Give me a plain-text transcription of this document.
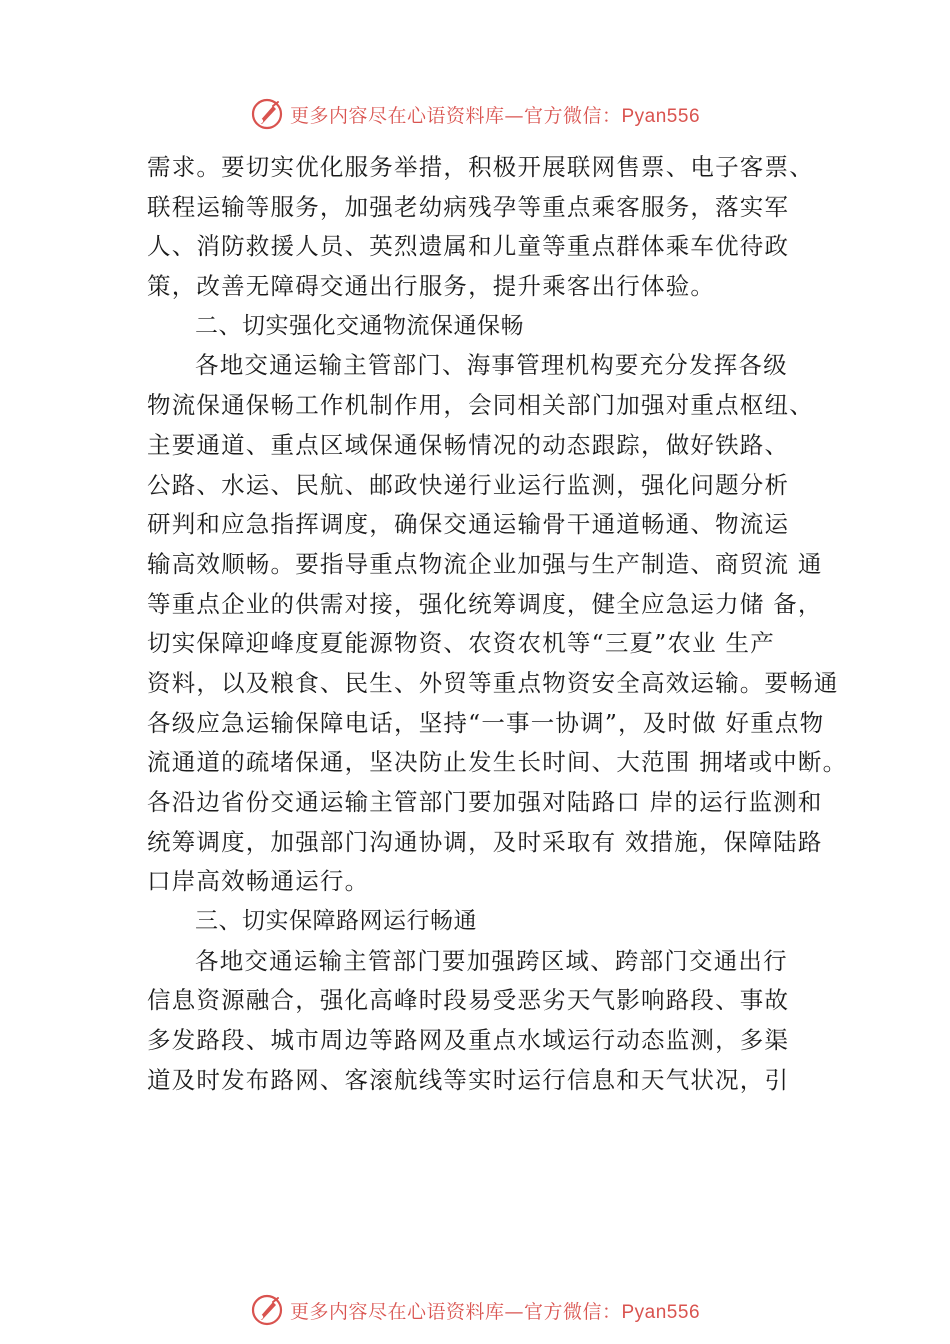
更多内容尽在心语资料库—官方微信：Pyan556
需求。要切实优化服务举措，积极开展联网售票、电子客票、
联程运输等服务，加强老幼病残孕等重点乘客服务，落实军
人、消防救援人员、英烈遗属和儿童等重点群体乘车优待政
策，改善无障碍交通出行服务，提升乘客出行体验。
二、切实强化交通物流保通保畅
各地交通运输主管部门、海事管理机构要充分发挥各级
物流保通保畅工作机制作用，会同相关部门加强对重点枢纽、
主要通道、重点区域保通保畅情况的动态跟踪，做好铁路、
公路、水运、民航、邮政快递行业运行监测，强化问题分析
研判和应急指挥调度，确保交通运输骨干通道畅通、物流运
输高效顺畅。要指导重点物流企业加强与生产制造、商贸流 通
等重点企业的供需对接，强化统筹调度，健全应急运力储 备，
切实保障迎峰度夏能源物资、农资农机等“三夏”农业 生产
资料，以及粮食、民生、外贸等重点物资安全高效运输。要畅通
各级应急运输保障电话，坚持“一事一协调”，及时做 好重点物
流通道的疏堵保通，坚决防止发生长时间、大范围 拥堵或中断。
各沿边省份交通运输主管部门要加强对陆路口 岸的运行监测和
统筹调度，加强部门沟通协调，及时采取有 效措施，保障陆路
口岸高效畅通运行。
三、切实保障路网运行畅通
各地交通运输主管部门要加强跨区域、跨部门交通出行
信息资源融合，强化高峰时段易受恶劣天气影响路段、事故
多发路段、城市周边等路网及重点水域运行动态监测，多渠
道及时发布路网、客滚航线等实时运行信息和天气状况，引
更多内容尽在心语资料库—官方微信：Pyan556
